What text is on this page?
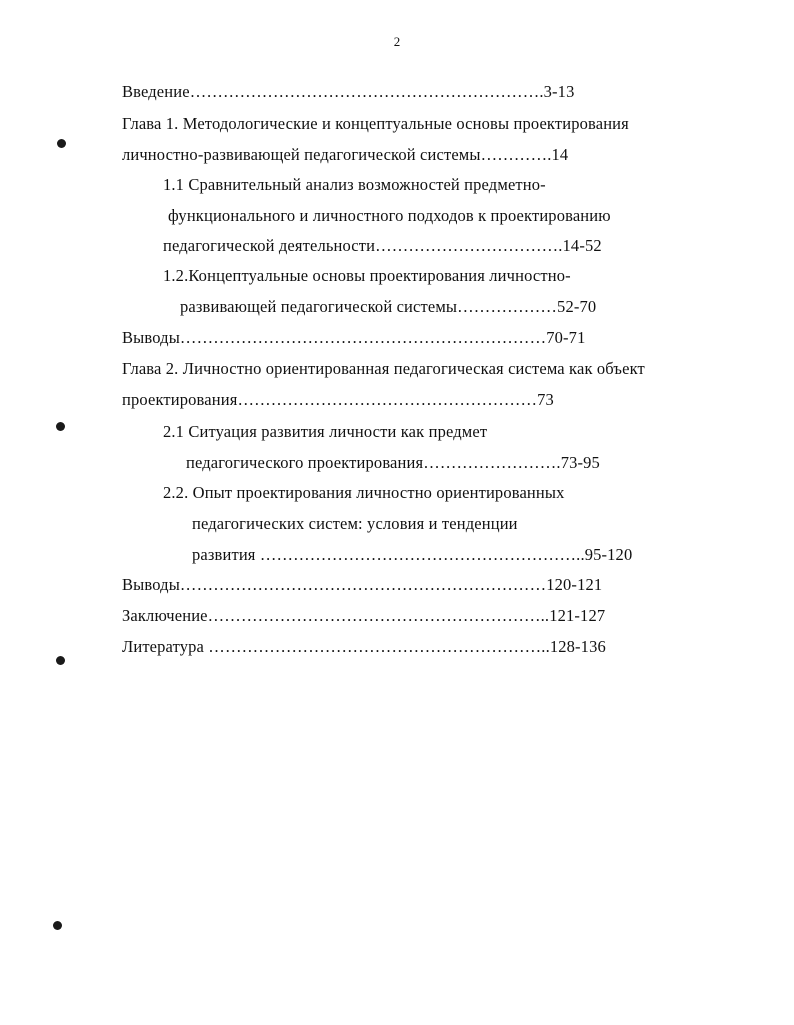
2
Введение……………………………………………………….3-13
Глава 1. Методологические и концептуальные основы проектирования
личностно-развивающей педагогической системы………….14
1.1 Сравнительный анализ возможностей предметно-
функционального и личностного подходов к проектированию
педагогической деятельности…………………………….14-52
1.2.Концептуальные основы проектирования личностно-
развивающей педагогической системы………………52-70
Выводы…………………………………………………………70-71
Глава 2. Личностно ориентированная педагогическая система как объект
проектирования………………………………………………73
2.1 Ситуация развития личности как предмет
педагогического проектирования…………………….73-95
2.2. Опыт проектирования личностно ориентированных
педагогических систем: условия и тенденции
развития …………………………………………………..95-120
Выводы…………………………………………………………120-121
Заключение……………………………………………………..121-127
Литература ……………………………………………………..128-136
